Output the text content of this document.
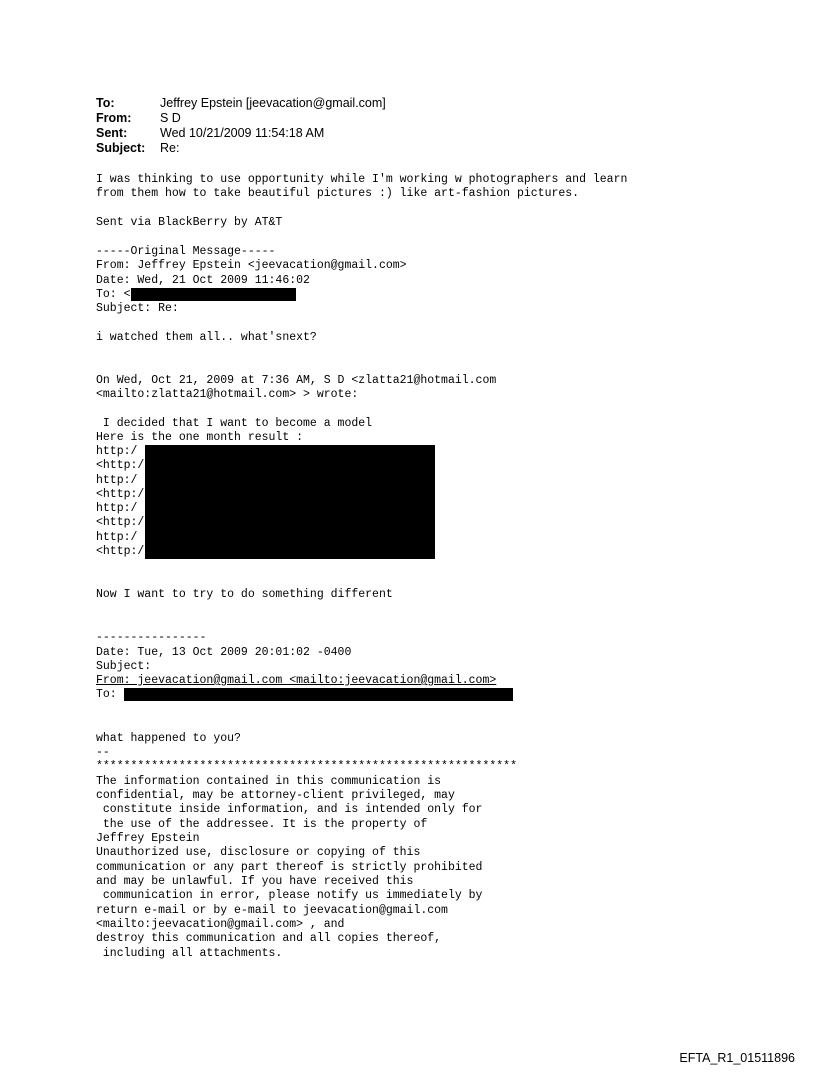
To:	Jeffrey Epstein [jeevacation@gmail.com]
From:	S D
Sent:	Wed 10/21/2009 11:54:18 AM
Subject:	Re:
I was thinking to use opportunity while I'm working w photographers and learn
from them how to take beautiful pictures :) like art-fashion pictures.
Sent via BlackBerry by AT&T
-----Original Message-----
From: Jeffrey Epstein <jeevacation@gmail.com>
Date: Wed, 21 Oct 2009 11:46:02
To: <
Subject: Re:
i watched them all.. what'snext?
On Wed, Oct 21, 2009 at 7:36 AM, S D <zlatta21@hotmail.com
<mailto:zlatta21@hotmail.com> > wrote:
I decided that I want to become a model
Here is the one month result :
http:/
<http:/
http:/
<http:/
http:/
<http:/
http:/
<http:/
Now I want to try to do something different
----------------
Date: Tue, 13 Oct 2009 20:01:02 -0400
Subject:
From: jeevacation@gmail.com <mailto:jeevacation@gmail.com>
To:
what happened to you?
--
*************************************************************
The information contained in this communication is
confidential, may be attorney-client privileged, may
constitute inside information, and is intended only for
the use of the addressee. It is the property of
Jeffrey Epstein
Unauthorized use, disclosure or copying of this
communication or any part thereof is strictly prohibited
and may be unlawful. If you have received this
communication in error, please notify us immediately by
return e-mail or by e-mail to jeevacation@gmail.com
<mailto:jeevacation@gmail.com> , and
destroy this communication and all copies thereof,
including all attachments.
EFTA_R1_01511896
